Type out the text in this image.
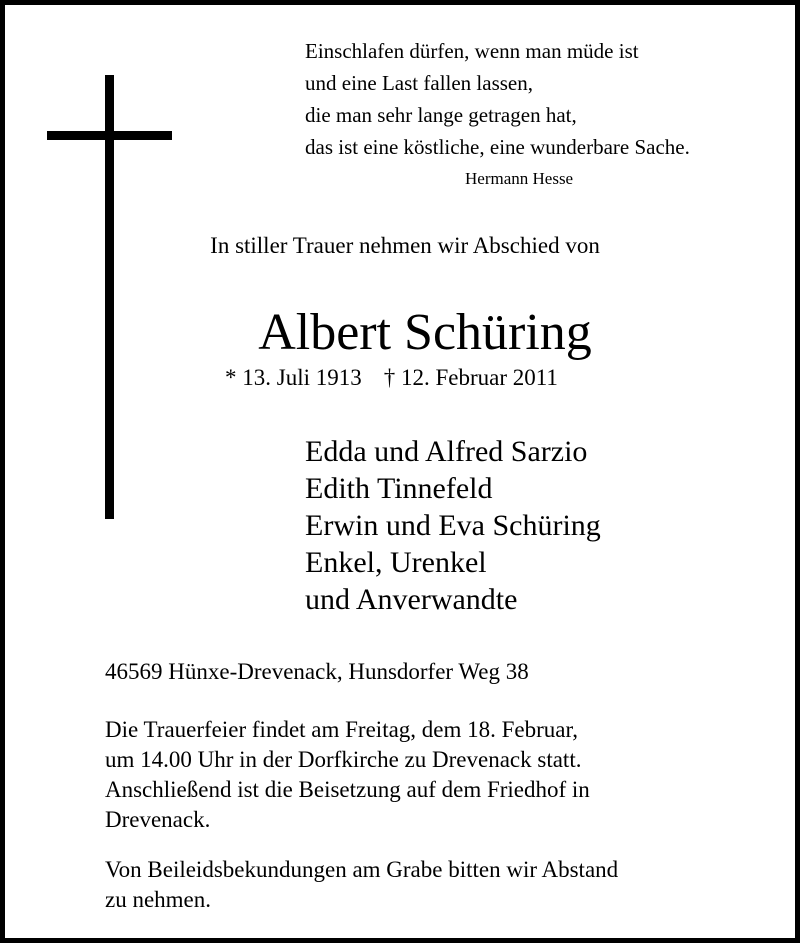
Einschlafen dürfen, wenn man müde ist
und eine Last fallen lassen,
die man sehr lange getragen hat,
das ist eine köstliche, eine wunderbare Sache.
Hermann Hesse
In stiller Trauer nehmen wir Abschied von
Albert Schüring
* 13. Juli 1913 † 12. Februar 2011
Edda und Alfred Sarzio
Edith Tinnefeld
Erwin und Eva Schüring
Enkel, Urenkel
und Anverwandte
46569 Hünxe-Drevenack, Hunsdorfer Weg 38
Die Trauerfeier findet am Freitag, dem 18. Februar,
um 14.00 Uhr in der Dorfkirche zu Drevenack statt.
Anschließend ist die Beisetzung auf dem Friedhof in
Drevenack.
Von Beileidsbekundungen am Grabe bitten wir Abstand
zu nehmen.
